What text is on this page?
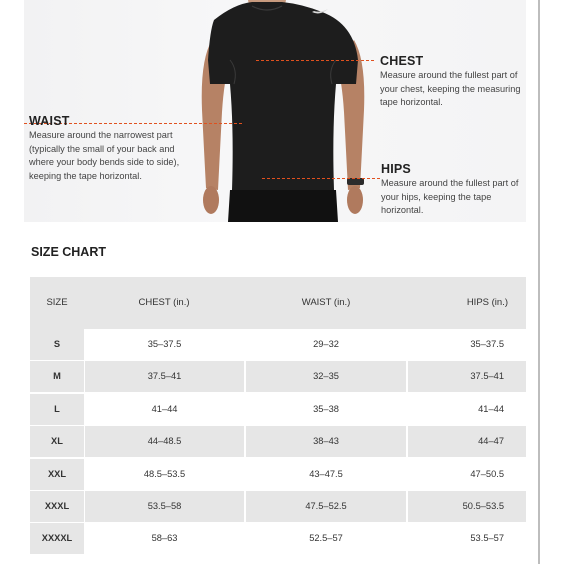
CHEST
Measure around the fullest part of
your chest, keeping the measuring
tape horizontal.
WAIST
Measure around the narrowest part
(typically the small of your back and
where your body bends side to side),
keeping the tape horizontal.	HIPS
Measure around the fullest part of
your hips, keeping the tape
horizontal.
SIZE CHART
SIZE	CHEST (in.)	WAIST (in.)	HIPS (in.)
S	35–37.5	29–32	35–37.5
M	37.5–41	32–35	37.5–41
L	41–44	35–38	41–44
XL	44–48.5	38–43	44–47
XXL	48.5–53.5	43–47.5	47–50.5
XXXL	53.5–58	47.5–52.5	50.5–53.5
XXXXL	58–63	52.5–57	53.5–57
